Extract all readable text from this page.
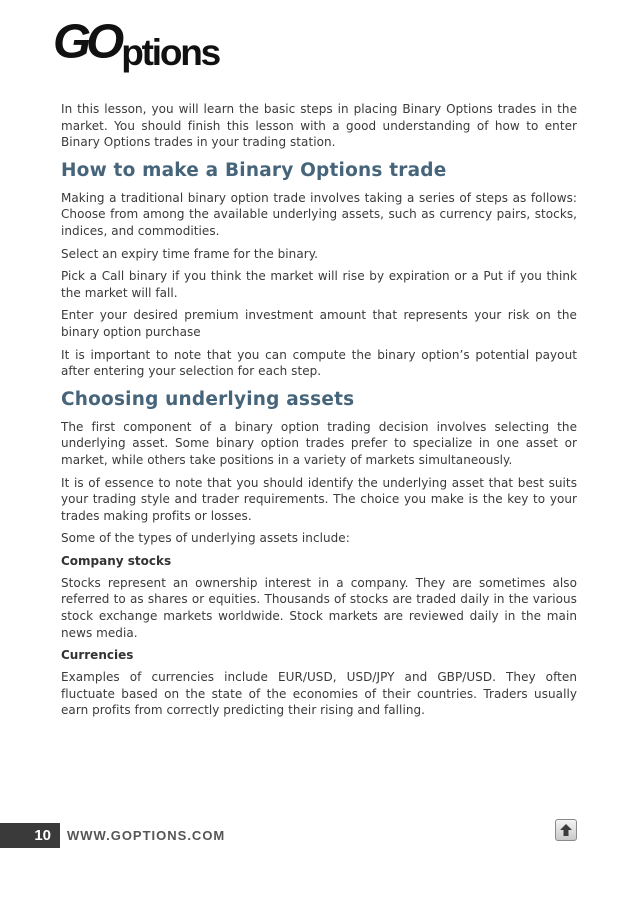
GO ptions

In this lesson, you will learn the basic steps in placing Binary Options trades in the market. You should finish this lesson with a good understanding of how to enter Binary Options trades in your trading station.

How to make a Binary Options trade

Making a traditional binary option trade involves taking a series of steps as follows: Choose from among the available underlying assets, such as currency pairs, stocks, indices, and commodities.

Select an expiry time frame for the binary.

Pick a Call binary if you think the market will rise by expiration or a Put if you think the market will fall.

Enter your desired premium investment amount that represents your risk on the binary option purchase

It is important to note that you can compute the binary option’s potential payout after entering your selection for each step.

Choosing underlying assets

The first component of a binary option trading decision involves selecting the underlying asset. Some binary option trades prefer to specialize in one asset or market, while others take positions in a variety of markets simultaneously.

It is of essence to note that you should identify the underlying asset that best suits your trading style and trader requirements. The choice you make is the key to your trades making profits or losses.

Some of the types of underlying assets include:

Company stocks

Stocks represent an ownership interest in a company. They are sometimes also referred to as shares or equities. Thousands of stocks are traded daily in the various stock exchange markets worldwide. Stock markets are reviewed daily in the main news media.

Currencies

Examples of currencies include EUR/USD, USD/JPY and GBP/USD. They often fluctuate based on the state of the economies of their countries. Traders usually earn profits from correctly predicting their rising and falling.

10	WWW.GOPTIONS.COM
